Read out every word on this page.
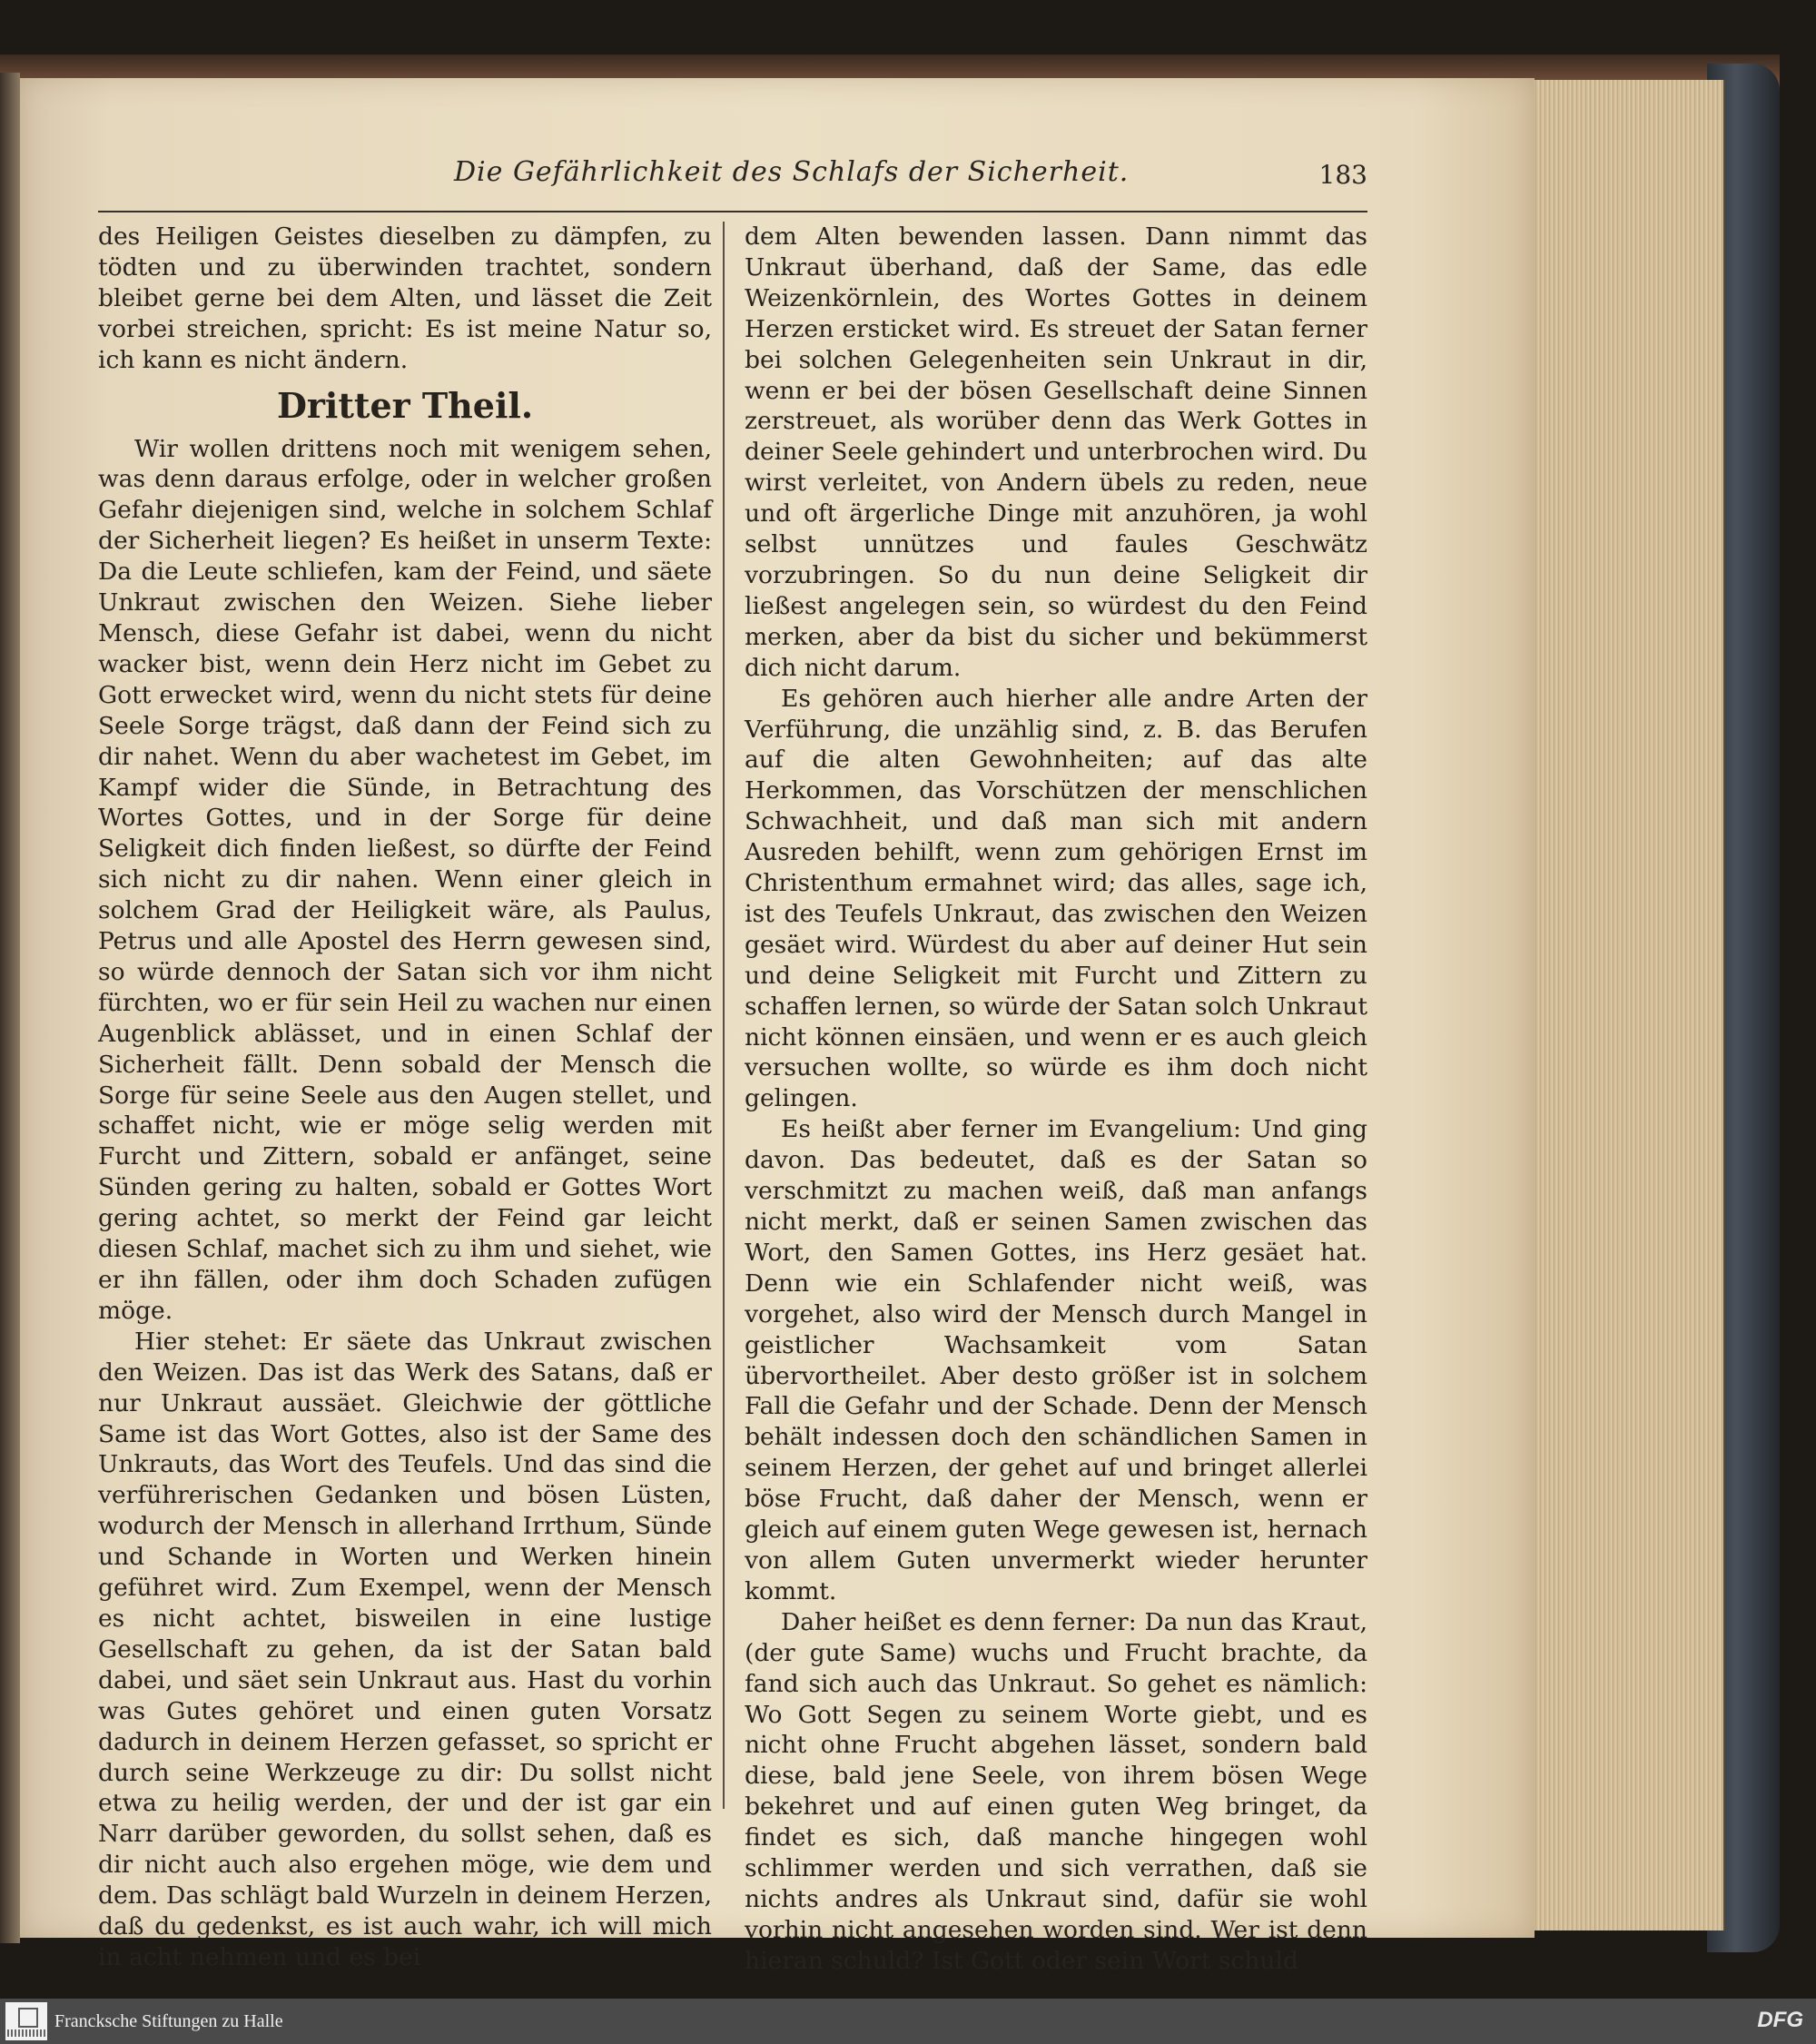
Die Gefährlichkeit des Schlafs der Sicherheit.	183

des Heiligen Geistes dieselben zu dämpfen, zu tödten und zu überwinden trachtet, sondern bleibet gerne bei dem Alten, und lässet die Zeit vorbei streichen, spricht: Es ist meine Natur so, ich kann es nicht ändern.

Dritter Theil.

Wir wollen drittens noch mit wenigem sehen, was denn daraus erfolge, oder in welcher großen Gefahr diejenigen sind, welche in solchem Schlaf der Sicherheit liegen? Es heißet in unserm Texte: Da die Leute schliefen, kam der Feind, und säete Unkraut zwischen den Weizen. Siehe lieber Mensch, diese Gefahr ist dabei, wenn du nicht wacker bist, wenn dein Herz nicht im Gebet zu Gott erwecket wird, wenn du nicht stets für deine Seele Sorge trägst, daß dann der Feind sich zu dir nahet. Wenn du aber wachetest im Gebet, im Kampf wider die Sünde, in Betrachtung des Wortes Gottes, und in der Sorge für deine Seligkeit dich finden ließest, so dürfte der Feind sich nicht zu dir nahen. Wenn einer gleich in solchem Grad der Heiligkeit wäre, als Paulus, Petrus und alle Apostel des Herrn gewesen sind, so würde dennoch der Satan sich vor ihm nicht fürchten, wo er für sein Heil zu wachen nur einen Augenblick ablässet, und in einen Schlaf der Sicherheit fällt. Denn sobald der Mensch die Sorge für seine Seele aus den Augen stellet, und schaffet nicht, wie er möge selig werden mit Furcht und Zittern, sobald er anfänget, seine Sünden gering zu halten, sobald er Gottes Wort gering achtet, so merkt der Feind gar leicht diesen Schlaf, machet sich zu ihm und siehet, wie er ihn fällen, oder ihm doch Schaden zufügen möge.

Hier stehet: Er säete das Unkraut zwischen den Weizen. Das ist das Werk des Satans, daß er nur Unkraut aussäet. Gleichwie der göttliche Same ist das Wort Gottes, also ist der Same des Unkrauts, das Wort des Teufels. Und das sind die verführerischen Gedanken und bösen Lüsten, wodurch der Mensch in allerhand Irrthum, Sünde und Schande in Worten und Werken hinein geführet wird. Zum Exempel, wenn der Mensch es nicht achtet, bisweilen in eine lustige Gesellschaft zu gehen, da ist der Satan bald dabei, und säet sein Unkraut aus. Hast du vorhin was Gutes gehöret und einen guten Vorsatz dadurch in deinem Herzen gefasset, so spricht er durch seine Werkzeuge zu dir: Du sollst nicht etwa zu heilig werden, der und der ist gar ein Narr darüber geworden, du sollst sehen, daß es dir nicht auch also ergehen möge, wie dem und dem. Das schlägt bald Wurzeln in deinem Herzen, daß du gedenkst, es ist auch wahr, ich will mich in acht nehmen und es bei

dem Alten bewenden lassen. Dann nimmt das Unkraut überhand, daß der Same, das edle Weizenkörnlein, des Wortes Gottes in deinem Herzen ersticket wird. Es streuet der Satan ferner bei solchen Gelegenheiten sein Unkraut in dir, wenn er bei der bösen Gesellschaft deine Sinnen zerstreuet, als worüber denn das Werk Gottes in deiner Seele gehindert und unterbrochen wird. Du wirst verleitet, von Andern übels zu reden, neue und oft ärgerliche Dinge mit anzuhören, ja wohl selbst unnützes und faules Geschwätz vorzubringen. So du nun deine Seligkeit dir ließest angelegen sein, so würdest du den Feind merken, aber da bist du sicher und bekümmerst dich nicht darum.

Es gehören auch hierher alle andre Arten der Verführung, die unzählig sind, z. B. das Berufen auf die alten Gewohnheiten; auf das alte Herkommen, das Vorschützen der menschlichen Schwachheit, und daß man sich mit andern Ausreden behilft, wenn zum gehörigen Ernst im Christenthum ermahnet wird; das alles, sage ich, ist des Teufels Unkraut, das zwischen den Weizen gesäet wird. Würdest du aber auf deiner Hut sein und deine Seligkeit mit Furcht und Zittern zu schaffen lernen, so würde der Satan solch Unkraut nicht können einsäen, und wenn er es auch gleich versuchen wollte, so würde es ihm doch nicht gelingen.

Es heißt aber ferner im Evangelium: Und ging davon. Das bedeutet, daß es der Satan so verschmitzt zu machen weiß, daß man anfangs nicht merkt, daß er seinen Samen zwischen das Wort, den Samen Gottes, ins Herz gesäet hat. Denn wie ein Schlafender nicht weiß, was vorgehet, also wird der Mensch durch Mangel in geistlicher Wachsamkeit vom Satan übervortheilet. Aber desto größer ist in solchem Fall die Gefahr und der Schade. Denn der Mensch behält indessen doch den schändlichen Samen in seinem Herzen, der gehet auf und bringet allerlei böse Frucht, daß daher der Mensch, wenn er gleich auf einem guten Wege gewesen ist, hernach von allem Guten unvermerkt wieder herunter kommt.

Daher heißet es denn ferner: Da nun das Kraut, (der gute Same) wuchs und Frucht brachte, da fand sich auch das Unkraut. So gehet es nämlich: Wo Gott Segen zu seinem Worte giebt, und es nicht ohne Frucht abgehen lässet, sondern bald diese, bald jene Seele, von ihrem bösen Wege bekehret und auf einen guten Weg bringet, da findet es sich, daß manche hingegen wohl schlimmer werden und sich verrathen, daß sie nichts andres als Unkraut sind, dafür sie wohl vorhin nicht angesehen worden sind. Wer ist denn hieran schuld? Ist Gott oder sein Wort schuld

Francksche Stiftungen zu Halle	DFG
